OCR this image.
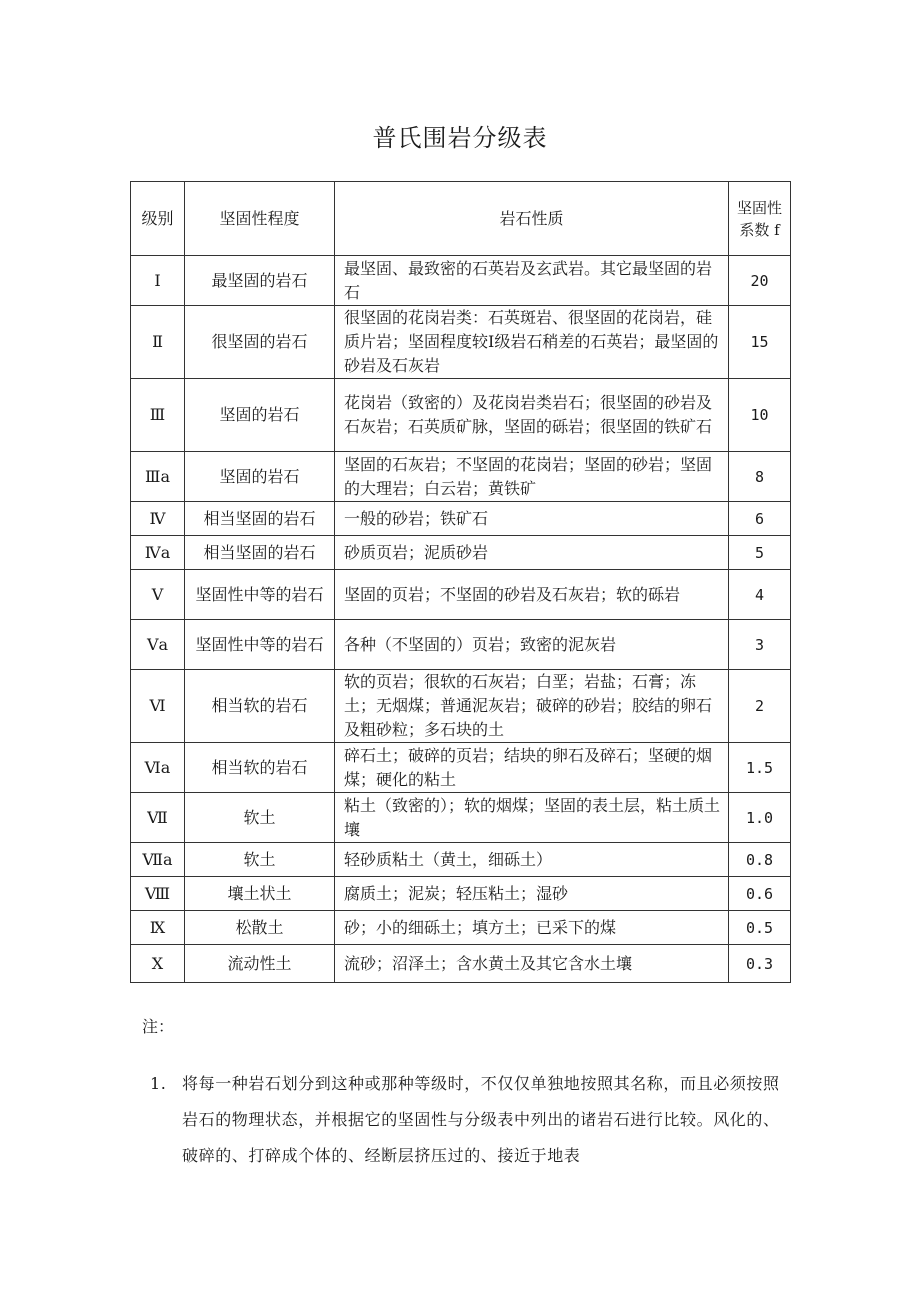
普氏围岩分级表
级别	坚固性程度	岩石性质	坚固性系数 f
Ⅰ	最坚固的岩石	最坚固、最致密的石英岩及玄武岩。其它最坚固的岩石	20
Ⅱ	很坚固的岩石	很坚固的花岗岩类：石英斑岩、很坚固的花岗岩，硅质片岩；坚固程度较Ⅰ级岩石稍差的石英岩；最坚固的砂岩及石灰岩	15
Ⅲ	坚固的岩石	花岗岩（致密的）及花岗岩类岩石；很坚固的砂岩及石灰岩；石英质矿脉，坚固的砾岩；很坚固的铁矿石	10
Ⅲa	坚固的岩石	坚固的石灰岩；不坚固的花岗岩；坚固的砂岩；坚固的大理岩；白云岩；黄铁矿	8
Ⅳ	相当坚固的岩石	一般的砂岩；铁矿石	6
Ⅳa	相当坚固的岩石	砂质页岩；泥质砂岩	5
Ⅴ	坚固性中等的岩石	坚固的页岩；不坚固的砂岩及石灰岩；软的砾岩	4
Ⅴa	坚固性中等的岩石	各种（不坚固的）页岩；致密的泥灰岩	3
Ⅵ	相当软的岩石	软的页岩；很软的石灰岩；白垩；岩盐；石膏；冻土；无烟煤；普通泥灰岩；破碎的砂岩；胶结的卵石及粗砂粒；多石块的土	2
Ⅵa	相当软的岩石	碎石土；破碎的页岩；结块的卵石及碎石；坚硬的烟煤；硬化的粘土	1.5
Ⅶ	软土	粘土（致密的）；软的烟煤；坚固的表土层，粘土质土壤	1.0
Ⅶa	软土	轻砂质粘土（黄土，细砾土）	0.8
Ⅷ	壤土状土	腐质土；泥炭；轻压粘土；湿砂	0.6
Ⅸ	松散土	砂；小的细砾土；填方土；已采下的煤	0.5
Ⅹ	流动性土	流砂；沼泽土；含水黄土及其它含水土壤	0.3
注：
1. 将每一种岩石划分到这种或那种等级时，不仅仅单独地按照其名称，而且必须按照岩石的物理状态，并根据它的坚固性与分级表中列出的诸岩石进行比较。风化的、破碎的、打碎成个体的、经断层挤压过的、接近于地表
